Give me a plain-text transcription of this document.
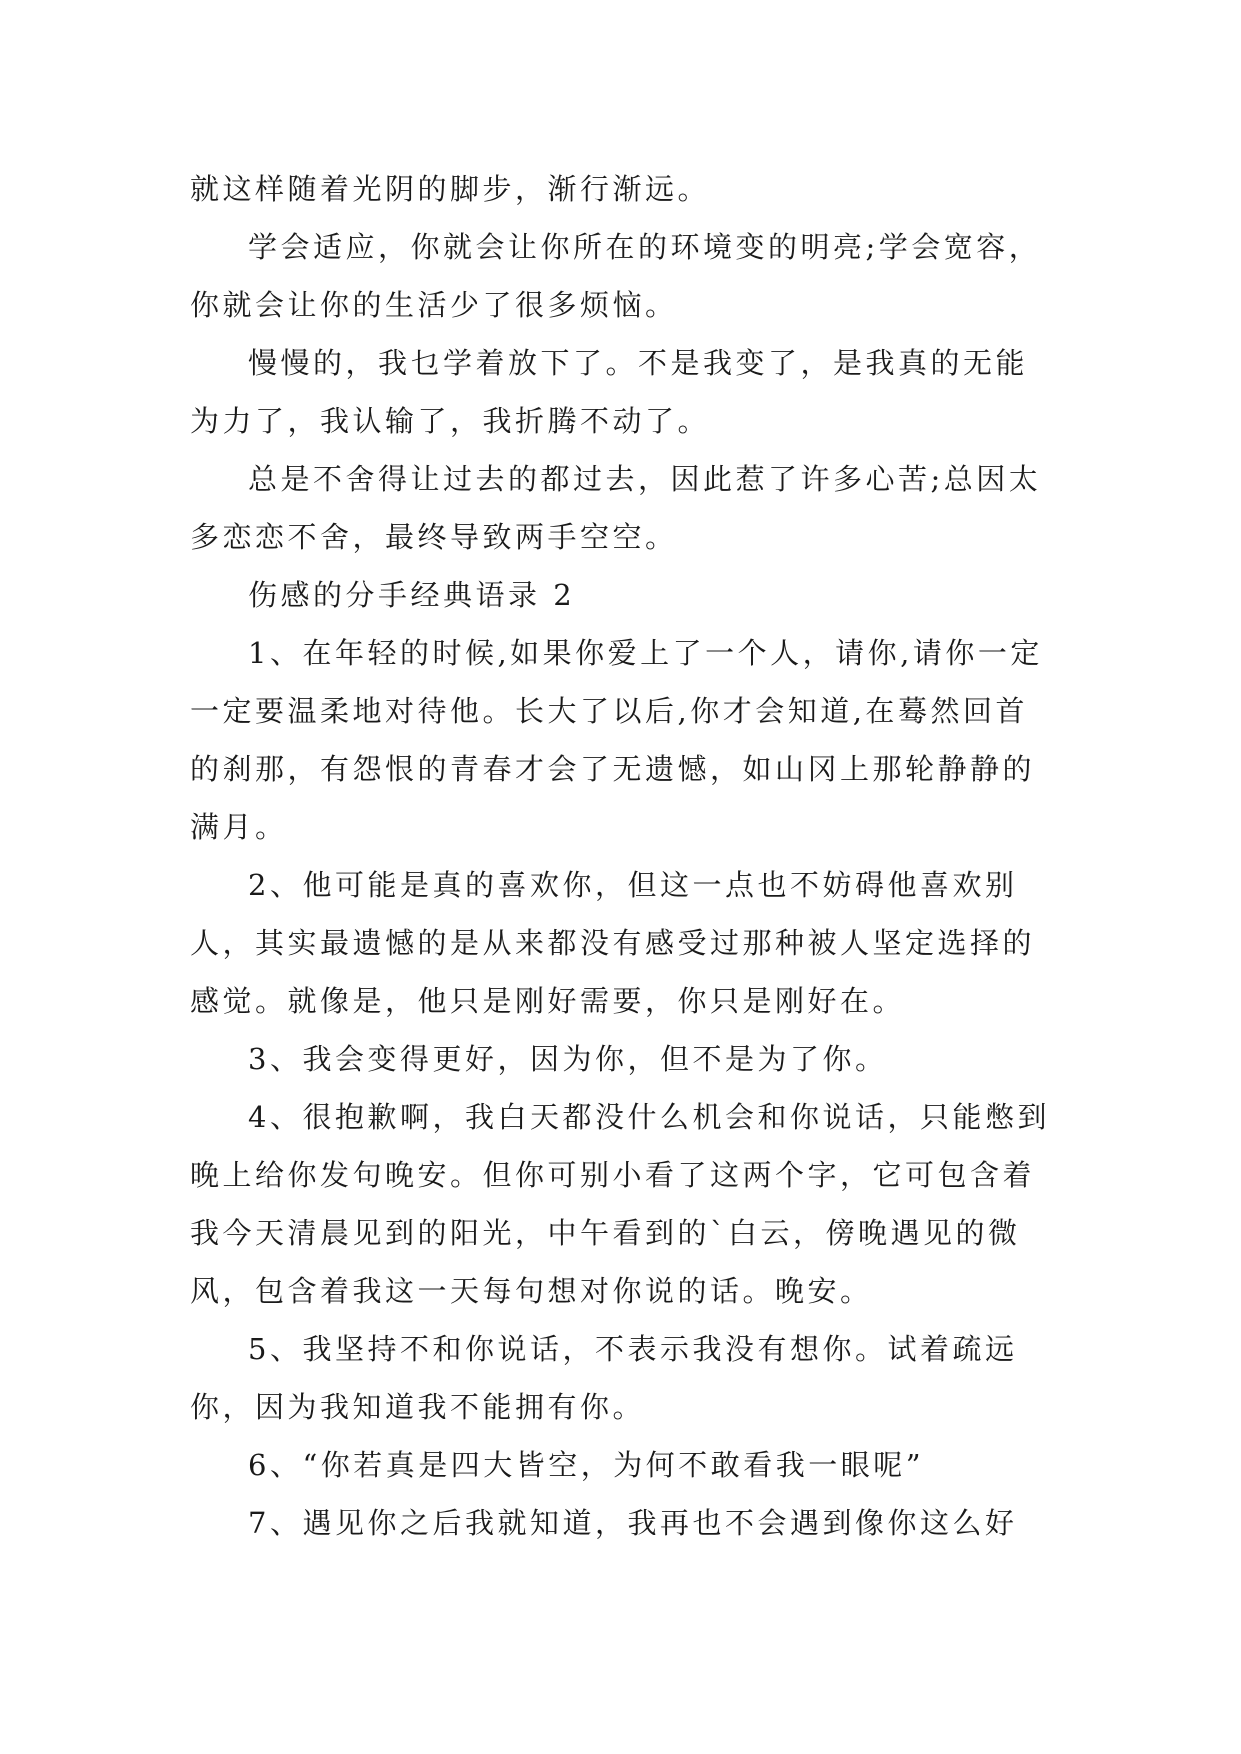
就这样随着光阴的脚步，渐行渐远。

学会适应，你就会让你所在的环境变的明亮;学会宽容，你就会让你的生活少了很多烦恼。

慢慢的，我乜学着放下了。不是我变了，是我真的无能为力了，我认输了，我折腾不动了。

总是不舍得让过去的都过去，因此惹了许多心苦;总因太多恋恋不舍，最终导致两手空空。

伤感的分手经典语录 2

1、在年轻的时候,如果你爱上了一个人，请你,请你一定一定要温柔地对待他。长大了以后,你才会知道,在蓦然回首的刹那，有怨恨的青春才会了无遗憾，如山冈上那轮静静的满月。

2、他可能是真的喜欢你，但这一点也不妨碍他喜欢别人，其实最遗憾的是从来都没有感受过那种被人坚定选择的感觉。就像是，他只是刚好需要，你只是刚好在。

3、我会变得更好，因为你，但不是为了你。

4、很抱歉啊，我白天都没什么机会和你说话，只能憋到晚上给你发句晚安。但你可别小看了这两个字，它可包含着我今天清晨见到的阳光，中午看到的`白云，傍晚遇见的微风，包含着我这一天每句想对你说的话。晚安。

5、我坚持不和你说话，不表示我没有想你。试着疏远你，因为我知道我不能拥有你。

6、“你若真是四大皆空，为何不敢看我一眼呢”

7、遇见你之后我就知道，我再也不会遇到像你这么好
